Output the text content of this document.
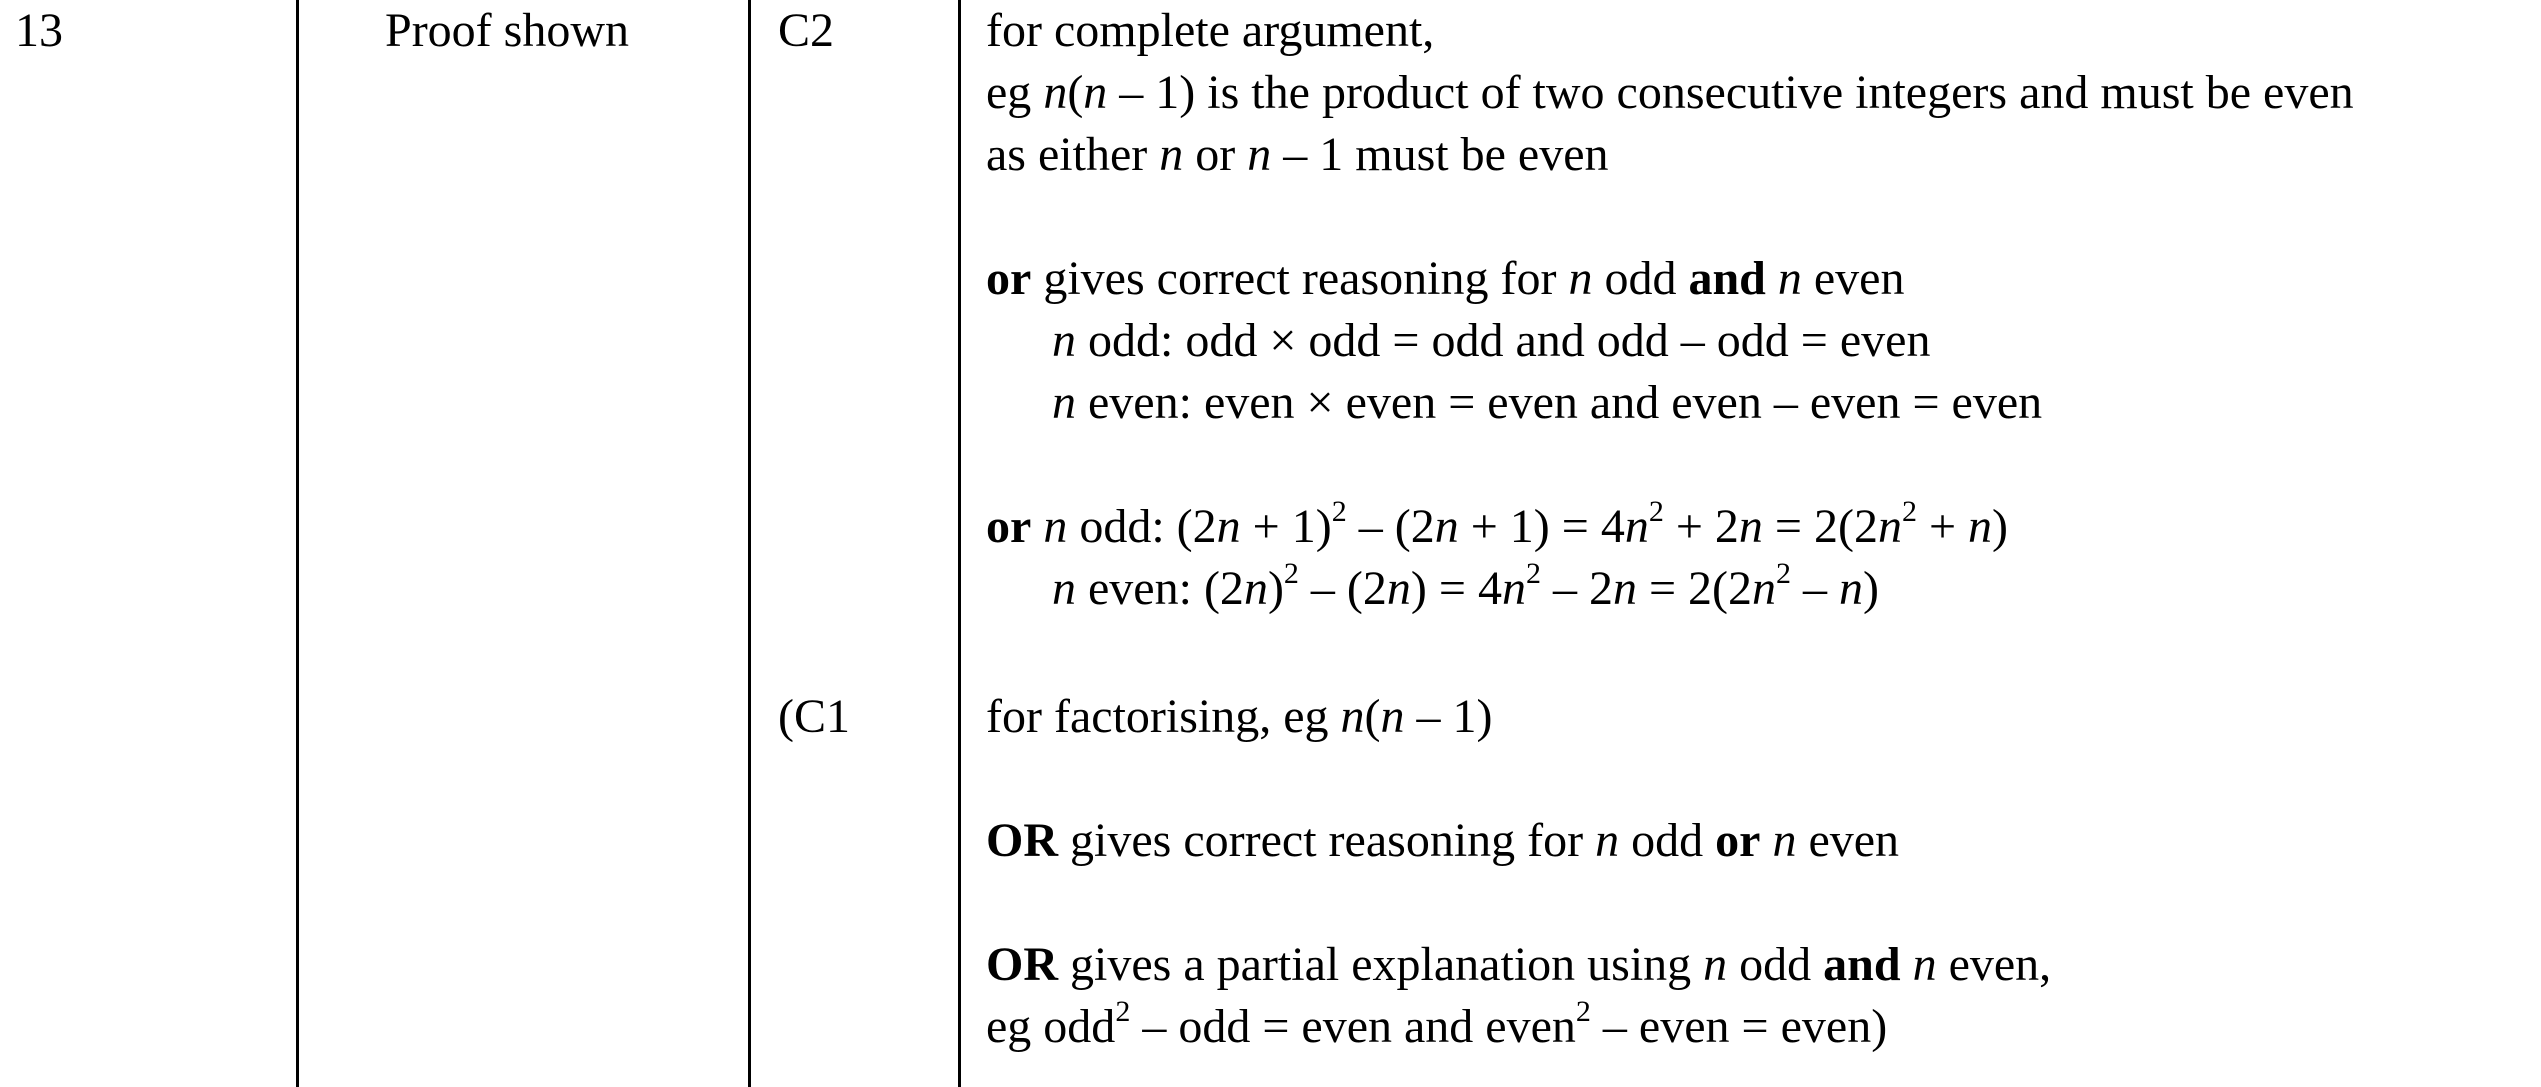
13	Proof shown	C2
(C1
for complete argument,
eg n(n – 1) is the product of two consecutive integers and must be even
as either n or n – 1 must be even
or gives correct reasoning for n odd and n even
n odd: odd × odd = odd and odd – odd = even
n even: even × even = even and even – even = even
or n odd: $(2n + 1)^2 - (2n + 1) = 4n^2 + 2n = 2(2n^2 + n)$
n even: $(2n)^2 - (2n) = 4n^2 - 2n = 2(2n^2 - n)$
for factorising, eg n(n – 1)
OR gives correct reasoning for n odd or n even
OR gives a partial explanation using n odd and n even,
eg odd$^2$ – odd = even and even$^2$ – even = even)
